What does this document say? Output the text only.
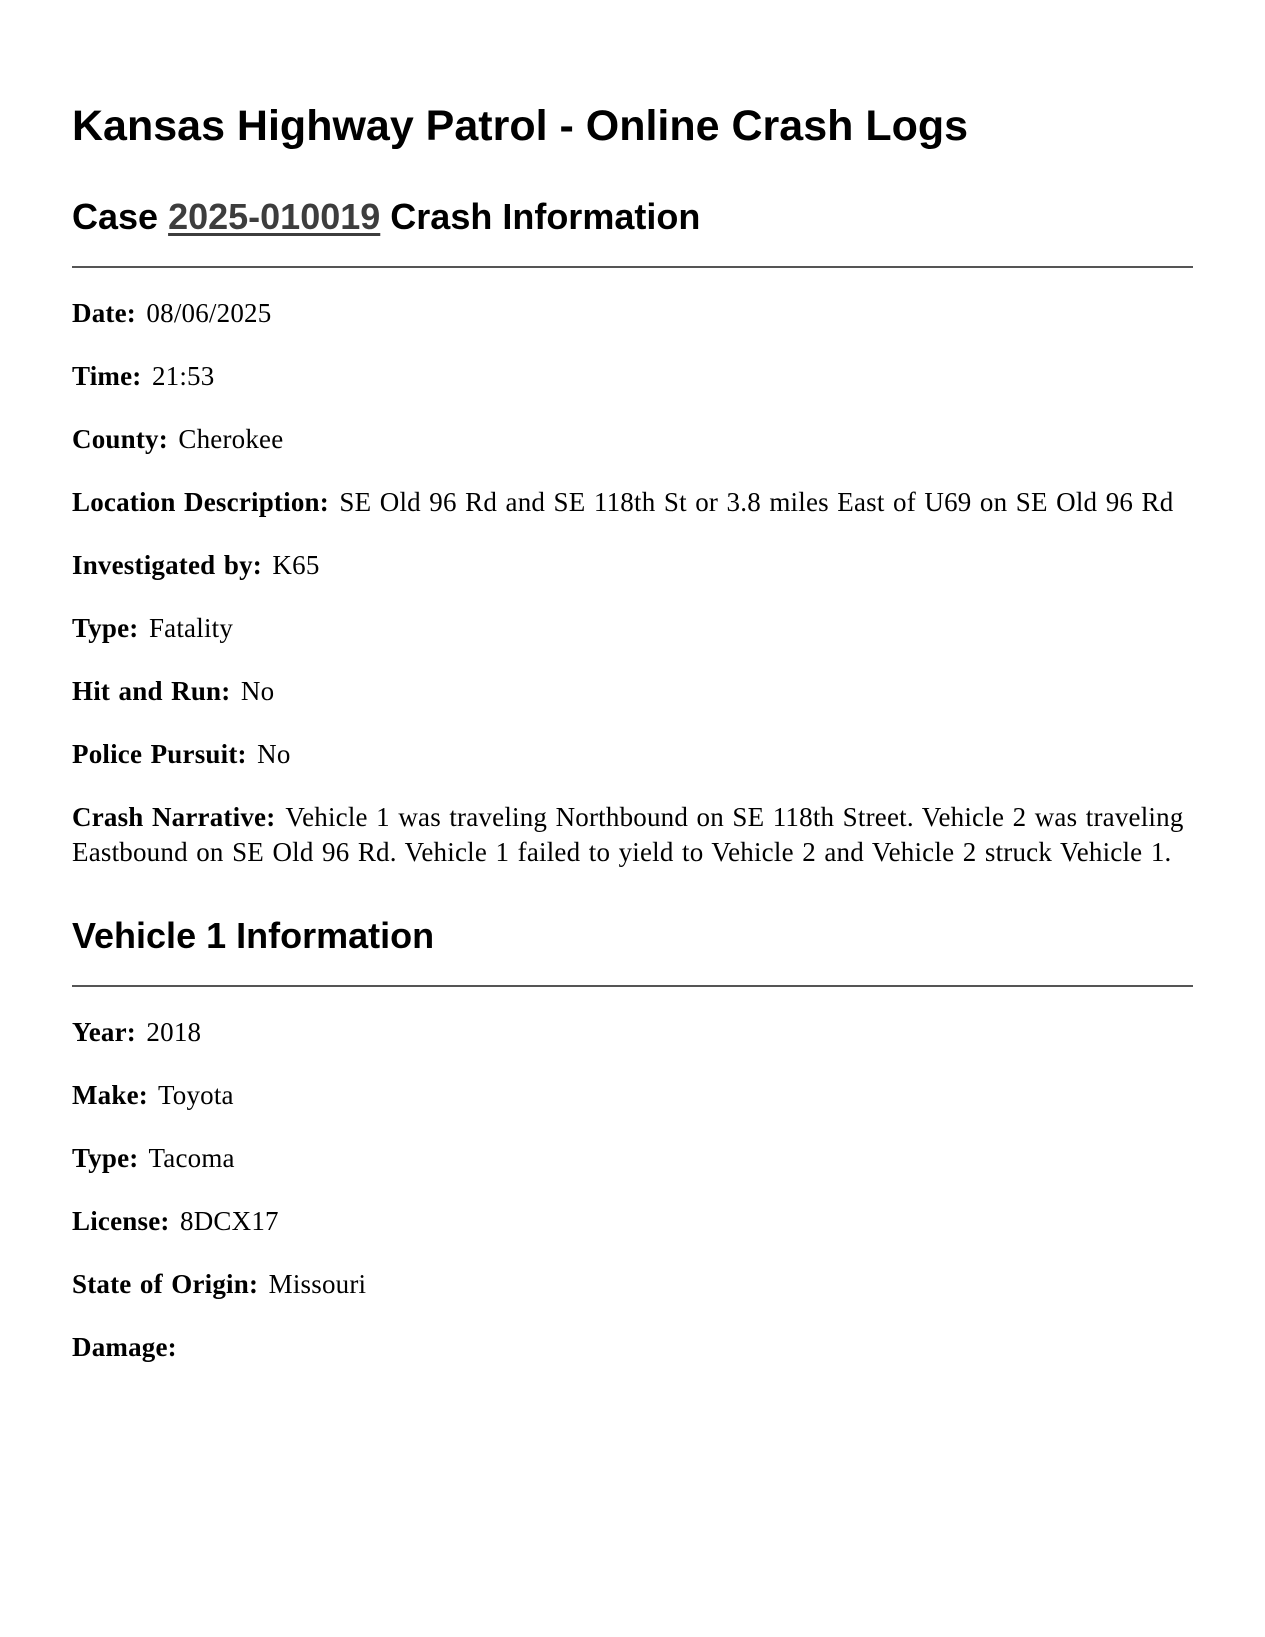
Kansas Highway Patrol - Online Crash Logs
Case 2025-010019 Crash Information

Date: 08/06/2025

Time: 21:53

County: Cherokee

Location Description: SE Old 96 Rd and SE 118th St or 3.8 miles East of U69 on SE Old 96 Rd

Investigated by: K65

Type: Fatality

Hit and Run: No

Police Pursuit: No

Crash Narrative: Vehicle 1 was traveling Northbound on SE 118th Street. Vehicle 2 was traveling Eastbound on SE Old 96 Rd. Vehicle 1 failed to yield to Vehicle 2 and Vehicle 2 struck Vehicle 1.

Vehicle 1 Information

Year: 2018

Make: Toyota

Type: Tacoma

License: 8DCX17

State of Origin: Missouri

Damage:
